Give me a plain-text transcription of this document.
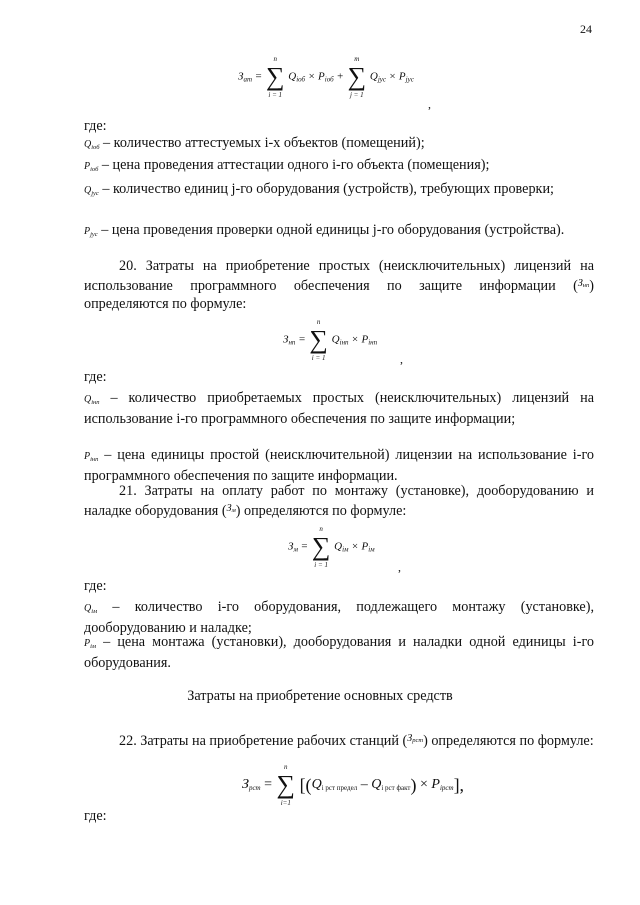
24
$З_{ат}$ = ∑
n
i = 1
$Q_{iоб} \times P_{iоб}$ + ∑
m
j = 1
$Q_{jус} \times P_{jус}$
,
где:
$Q_{iоб}$ – количество аттестуемых i-х объектов (помещений);
$P_{iоб}$ – цена проведения аттестации одного i-го объекта (помещения);
$Q_{jус}$ – количество единиц j-го оборудования (устройств), требующих проверки;
$P_{jус}$ – цена проведения проверки одной единицы j-го оборудования (устройства).
20. Затраты на приобретение простых (неисключительных) лицензий на использование программного обеспечения по защите информации ($^{Знп}$) определяются по формуле:
$З_{нп}$ = ∑
n
i = 1
$Q_{iнп} \times P_{iнп}$
,
где:
$Q_{iнп}$ – количество приобретаемых простых (неисключительных) лицензий на использование i-го программного обеспечения по защите информации;
$P_{iнп}$ – цена единицы простой (неисключительной) лицензии на использование i-го программного обеспечения по защите информации.
21. Затраты на оплату работ по монтажу (установке), дооборудованию и наладке оборудования ($^{Зм}$) определяются по формуле:
$З_м$ = ∑
n
i = 1
$Q_{iм} \times P_{iм}$
,
где:
$Q_{iм}$ – количество i-го оборудования, подлежащего монтажу (установке), дооборудованию и наладке;
$P_{iм}$ – цена монтажа (установки), дооборудования и наладки одной единицы i-го оборудования.
Затраты на приобретение основных средств
22. Затраты на приобретение рабочих станций ($^{Зрст}$) определяются по формуле:
$З_{рст}$ = ∑
n
i=1
$[(Q_{i рст предел} - Q_{i рст факт}) \times P_{iрст}]$,
где:
